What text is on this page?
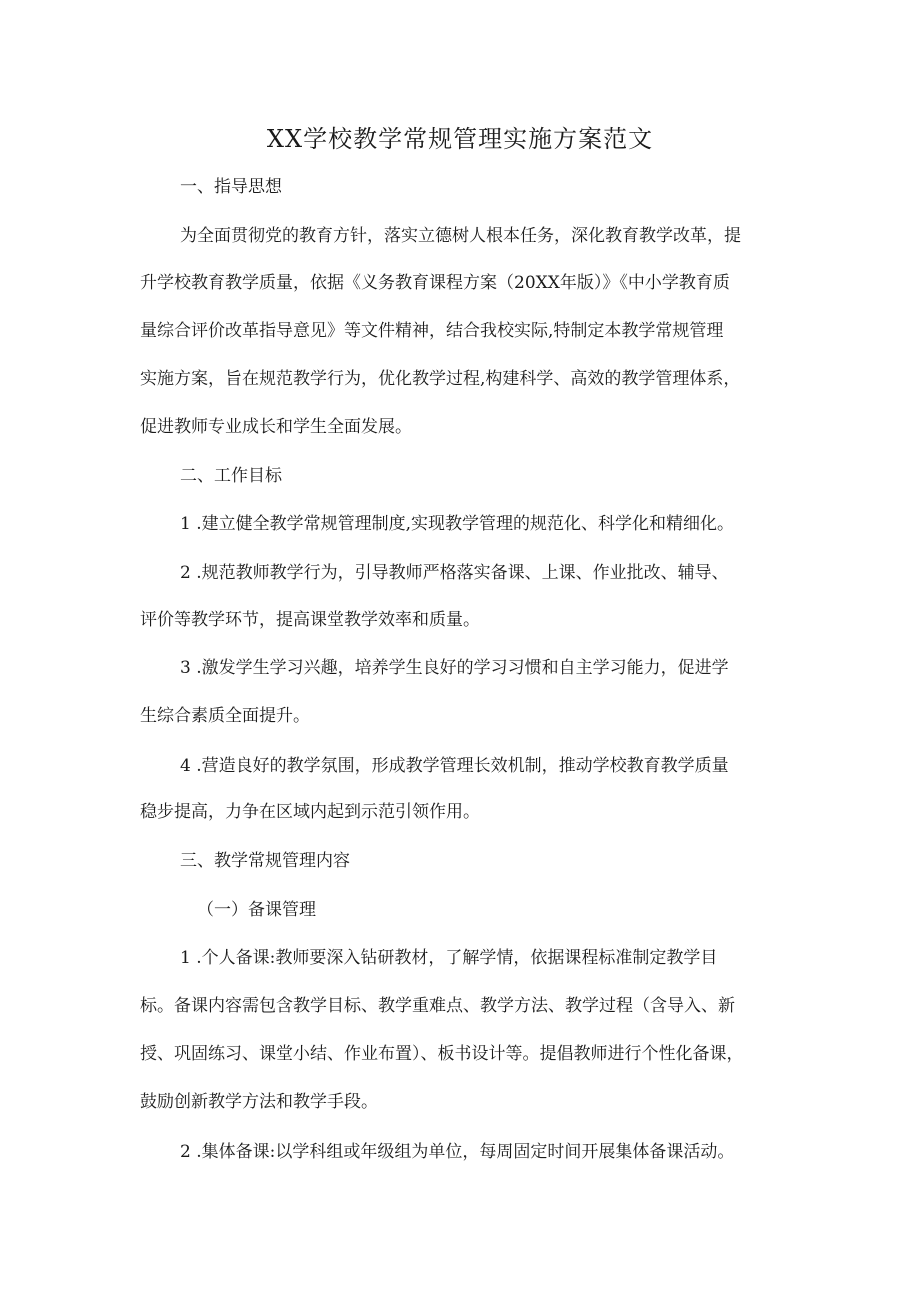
XX学校教学常规管理实施方案范文
一、指导思想
为全面贯彻党的教育方针，落实立德树人根本任务，深化教育教学改革，提
升学校教育教学质量，依据《义务教育课程方案（20XX年版）》《中小学教育质
量综合评价改革指导意见》等文件精神，结合我校实际,特制定本教学常规管理
实施方案，旨在规范教学行为，优化教学过程,构建科学、高效的教学管理体系，
促进教师专业成长和学生全面发展。
二、工作目标
1 .建立健全教学常规管理制度,实现教学管理的规范化、科学化和精细化。
2 .规范教师教学行为，引导教师严格落实备课、上课、作业批改、辅导、
评价等教学环节，提高课堂教学效率和质量。
3 .激发学生学习兴趣，培养学生良好的学习习惯和自主学习能力，促进学
生综合素质全面提升。
4 .营造良好的教学氛围，形成教学管理长效机制，推动学校教育教学质量
稳步提高，力争在区域内起到示范引领作用。
三、教学常规管理内容
（一）备课管理
1 .个人备课:教师要深入钻研教材，了解学情，依据课程标准制定教学目
标。备课内容需包含教学目标、教学重难点、教学方法、教学过程（含导入、新
授、巩固练习、课堂小结、作业布置）、板书设计等。提倡教师进行个性化备课，
鼓励创新教学方法和教学手段。
2 .集体备课:以学科组或年级组为单位，每周固定时间开展集体备课活动。
